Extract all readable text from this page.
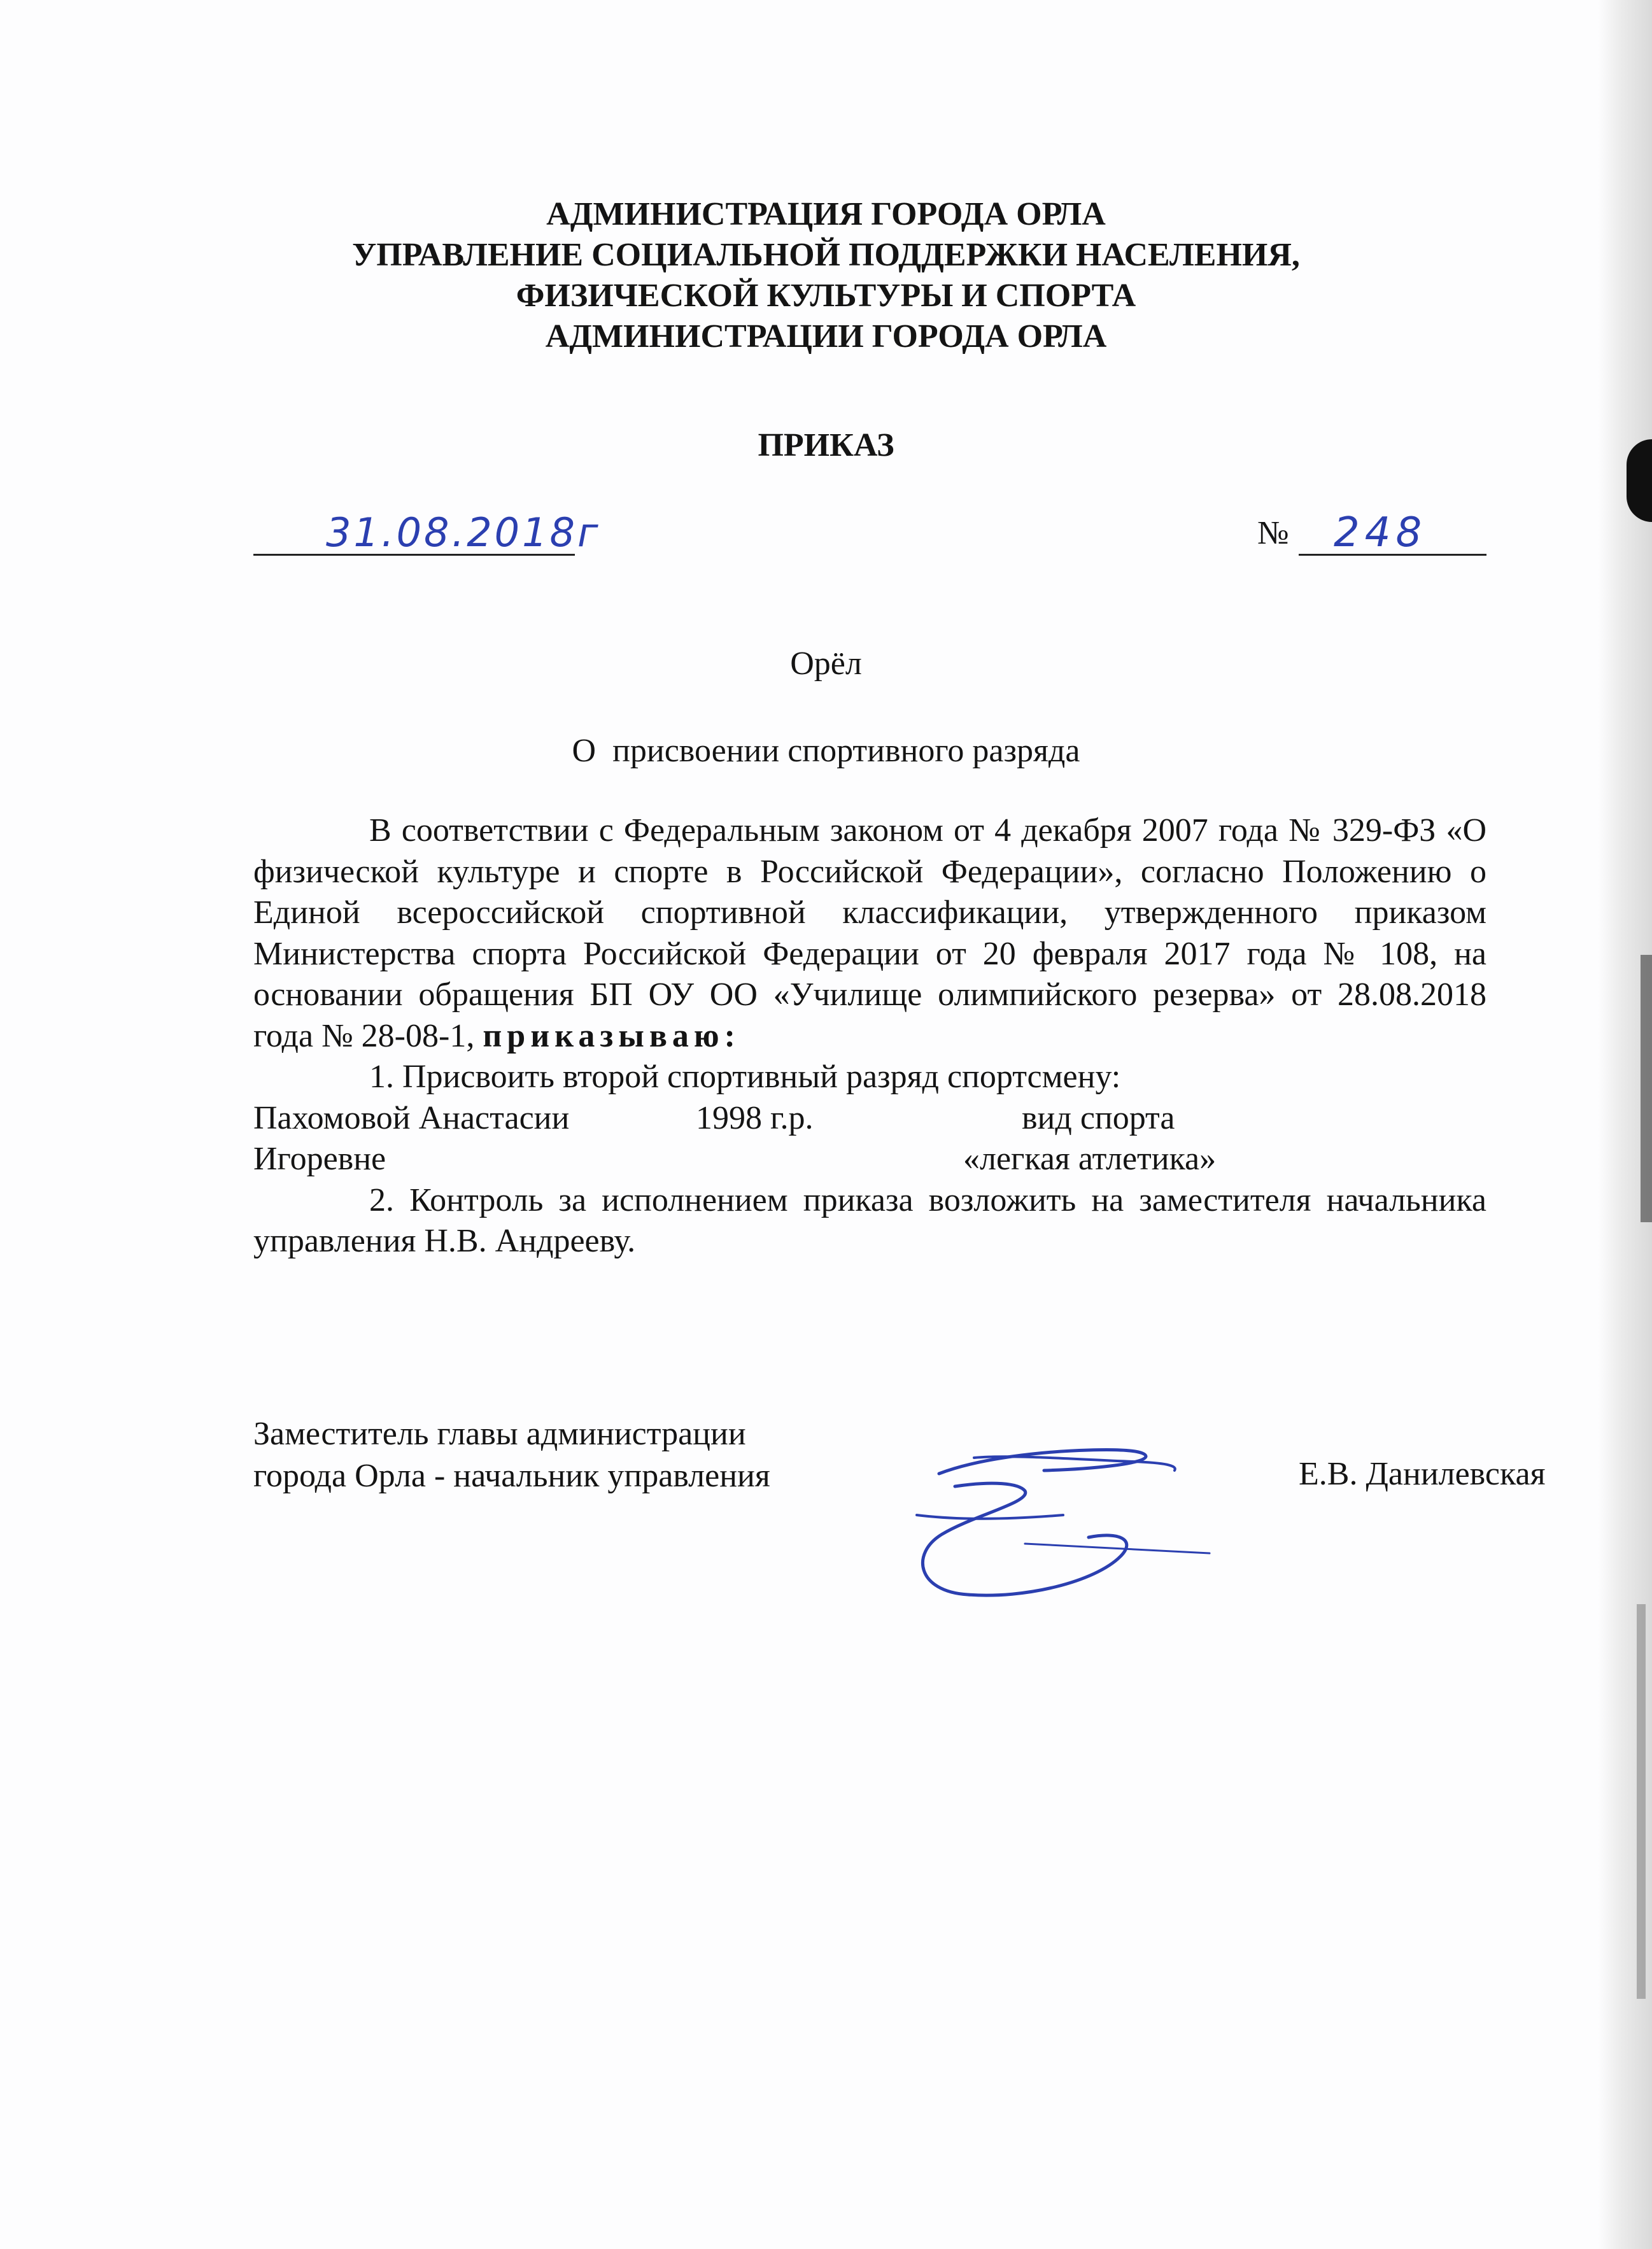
АДМИНИСТРАЦИЯ ГОРОДА ОРЛА
УПРАВЛЕНИЕ СОЦИАЛЬНОЙ ПОДДЕРЖКИ НАСЕЛЕНИЯ,
ФИЗИЧЕСКОЙ КУЛЬТУРЫ И СПОРТА
АДМИНИСТРАЦИИ ГОРОДА ОРЛА
ПРИКАЗ
31.08.2018г	№ 248
Орёл
О  присвоении спортивного разряда
В соответствии с Федеральным законом от 4 декабря 2007 года № 329-ФЗ «О физической культуре и спорте в Российской Федерации», согласно Положению о Единой всероссийской спортивной классификации, утвержденного приказом Министерства спорта Российской Федерации от 20 февраля 2017 года № 108, на основании обращения БП ОУ ОО «Училище олимпийского резерва» от 28.08.2018 года № 28-08-1, приказываю:
1. Присвоить второй спортивный разряд спортсмену:
Пахомовой Анастасии	1998 г.р.	вид спорта
Игоревне	«легкая атлетика»
2. Контроль за исполнением приказа возложить на заместителя начальника управления Н.В. Андрееву.
Заместитель главы администрации
города Орла - начальник управления	Е.В. Данилевская
